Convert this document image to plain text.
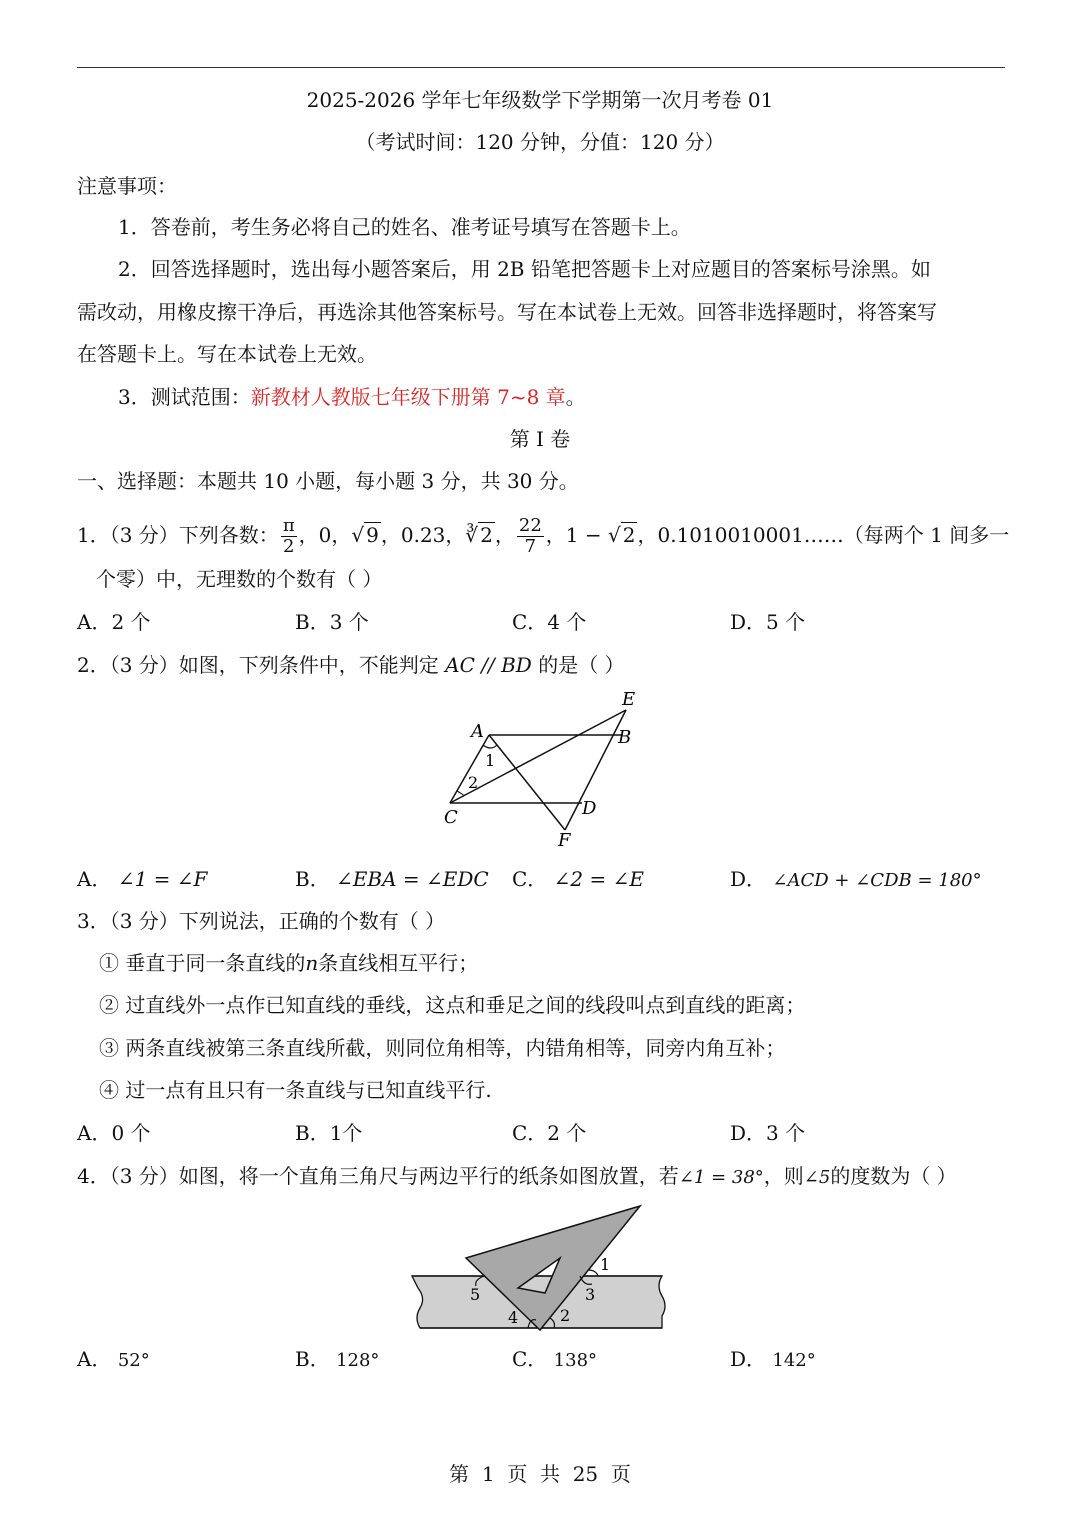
2025-2026 学年七年级数学下学期第一次月考卷 01
（考试时间：120 分钟，分值：120 分）
注意事项：
1．答卷前，考生务必将自己的姓名、准考证号填写在答题卡上。
2．回答选择题时，选出每小题答案后，用 2B 铅笔把答题卡上对应题目的答案标号涂黑。如
需改动，用橡皮擦干净后，再选涂其他答案标号。写在本试卷上无效。回答非选择题时，将答案写
在答题卡上。写在本试卷上无效。
3．测试范围：新教材人教版七年级下册第 7~8 章。
第 I 卷
一、选择题：本题共 10 小题，每小题 3 分，共 30 分。
1．（3 分）下列各数： $\frac{\pi}{2}$ ，0，√ 9 ，0.23，∛ 2 ， $\frac{22}{7}$ ，1 − √ 2 ，0.1010010001……（每两个 1 间多一
个零）中，无理数的个数有（ ）
A．2 个	B．3 个	C．4 个	D．5 个
2．（3 分）如图，下列条件中，不能判定 AC // BD 的是（ ）
A	B
C	D
E
F
1
2
A． ∠1 = ∠F	B． ∠EBA = ∠EDC C． ∠2 = ∠E	D． ∠ACD + ∠CDB = 180°
3．（3 分）下列说法，正确的个数有（ ）
① 垂直于同一条直线的n条直线相互平行；
② 过直线外一点作已知直线的垂线，这点和垂足之间的线段叫点到直线的距离；
③ 两条直线被第三条直线所截，则同位角相等，内错角相等，同旁内角互补；
④ 过一点有且只有一条直线与已知直线平行.
A．0 个	B．1个	C．2 个	D．3 个
4．（3 分）如图，将一个直角三角尺与两边平行的纸条如图放置，若∠1 = 38°，则∠5的度数为（ ）
1
2
3
4
5
A． 52°	B． 128°	C． 138°	D． 142°
第  1  页  共  25  页
